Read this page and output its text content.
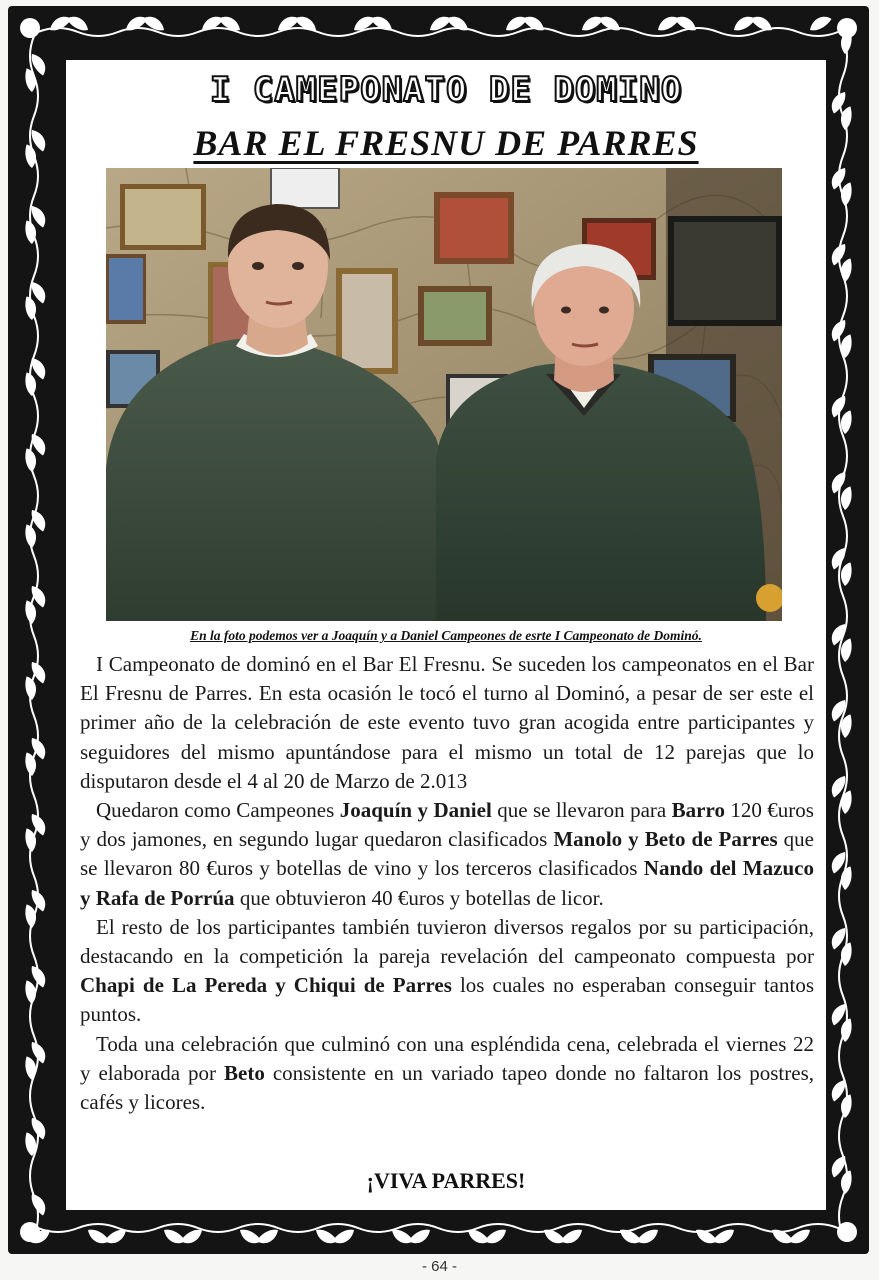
I CAMEPONATO DE DOMINO
BAR EL FRESNU DE PARRES
En la foto podemos ver a Joaquín y a Daniel Campeones de esrte I Campeonato de Dominó.

I Campeonato de dominó en el Bar El Fresnu. Se suceden los campeonatos en el Bar El Fresnu de Parres. En esta ocasión le tocó el turno al Dominó, a pesar de ser este el primer año de la celebración de este evento tuvo gran acogida entre participantes y seguidores del mismo apuntándose para el mismo un total de 12 parejas que lo disputaron desde el 4 al 20 de Marzo de 2.013

Quedaron como Campeones Joaquín y Daniel que se llevaron para Barro 120 €uros y dos jamones, en segundo lugar quedaron clasificados Manolo y Beto de Parres que se llevaron 80 €uros y botellas de vino y los terceros clasificados Nando del Mazuco y Rafa de Porrúa que obtuvieron 40 €uros y botellas de licor.

El resto de los participantes también tuvieron diversos regalos por su participación, destacando en la competición la pareja revelación del campeonato compuesta por Chapi de La Pereda y Chiqui de Parres los cuales no esperaban conseguir tantos puntos.

Toda una celebración que culminó con una espléndida cena, celebrada el viernes 22 y elaborada por Beto consistente en un variado tapeo donde no faltaron los postres, cafés y licores.

¡VIVA PARRES!
- 64 -
